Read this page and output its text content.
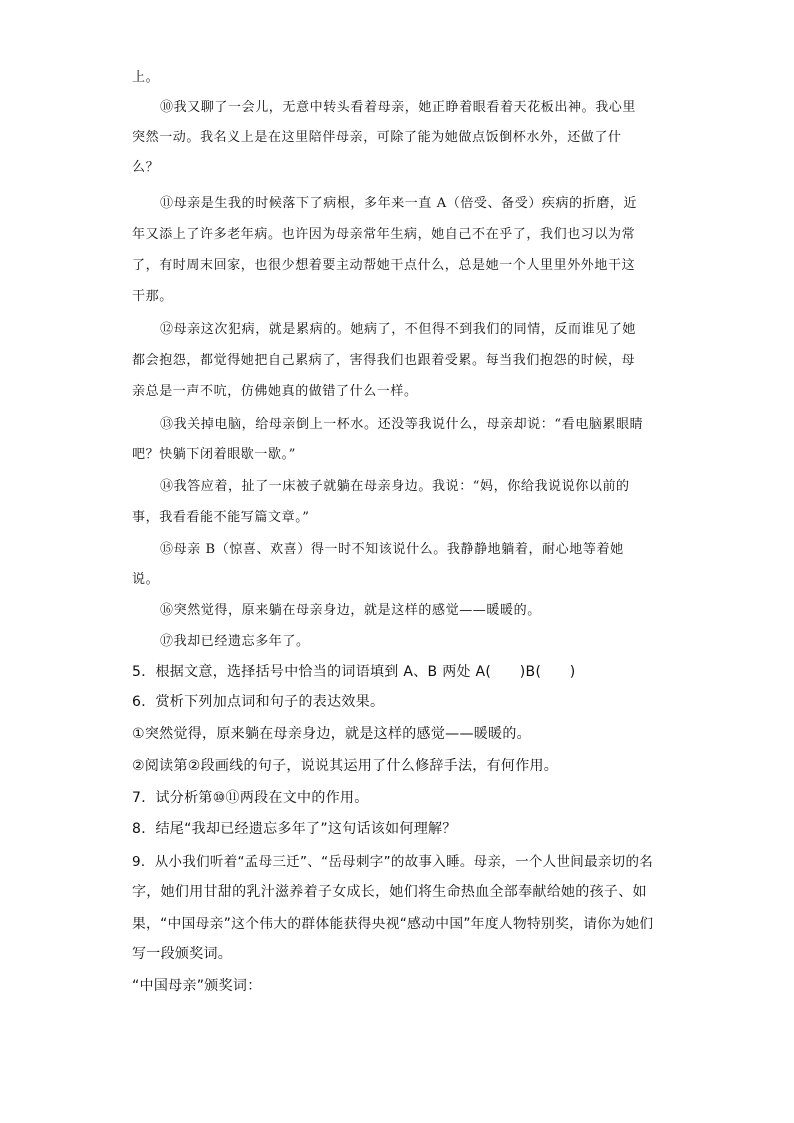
上。
⑩我又聊了一会儿，无意中转头看着母亲，她正睁着眼看着天花板出神。我心里
突然一动。我名义上是在这里陪伴母亲，可除了能为她做点饭倒杯水外，还做了什
么？
⑪母亲是生我的时候落下了病根，多年来一直 A（倍受、备受）疾病的折磨，近
年又添上了许多老年病。也许因为母亲常年生病，她自己不在乎了，我们也习以为常
了，有时周末回家，也很少想着要主动帮她干点什么，总是她一个人里里外外地干这
干那。
⑫母亲这次犯病，就是累病的。她病了，不但得不到我们的同情，反而谁见了她
都会抱怨，都觉得她把自己累病了，害得我们也跟着受累。每当我们抱怨的时候，母
亲总是一声不吭，仿佛她真的做错了什么一样。
⑬我关掉电脑，给母亲倒上一杯水。还没等我说什么，母亲却说：“看电脑累眼睛
吧？快躺下闭着眼歇一歇。”
⑭我答应着，扯了一床被子就躺在母亲身边。我说：“妈，你给我说说你以前的
事，我看看能不能写篇文章。”
⑮母亲 B（惊喜、欢喜）得一时不知该说什么。我静静地躺着，耐心地等着她
说。
⑯突然觉得，原来躺在母亲身边，就是这样的感觉——暖暖的。
⑰我却已经遗忘多年了。
5．根据文意，选择括号中恰当的词语填到 A、B 两处 A(　　)B(　　)
6．赏析下列加点词和句子的表达效果。
①突然觉得，原来躺在母亲身边，就是这样的感觉——暖暖的。
②阅读第②段画线的句子，说说其运用了什么修辞手法，有何作用。
7．试分析第⑩⑪两段在文中的作用。
8．结尾“我却已经遗忘多年了”这句话该如何理解？
9．从小我们听着“孟母三迁”、“岳母刺字”的故事入睡。母亲，一个人世间最亲切的名
字，她们用甘甜的乳汁滋养着子女成长，她们将生命热血全部奉献给她的孩子、如
果，“中国母亲”这个伟大的群体能获得央视“感动中国”年度人物特别奖，请你为她们
写一段颁奖词。
“中国母亲”颁奖词：
